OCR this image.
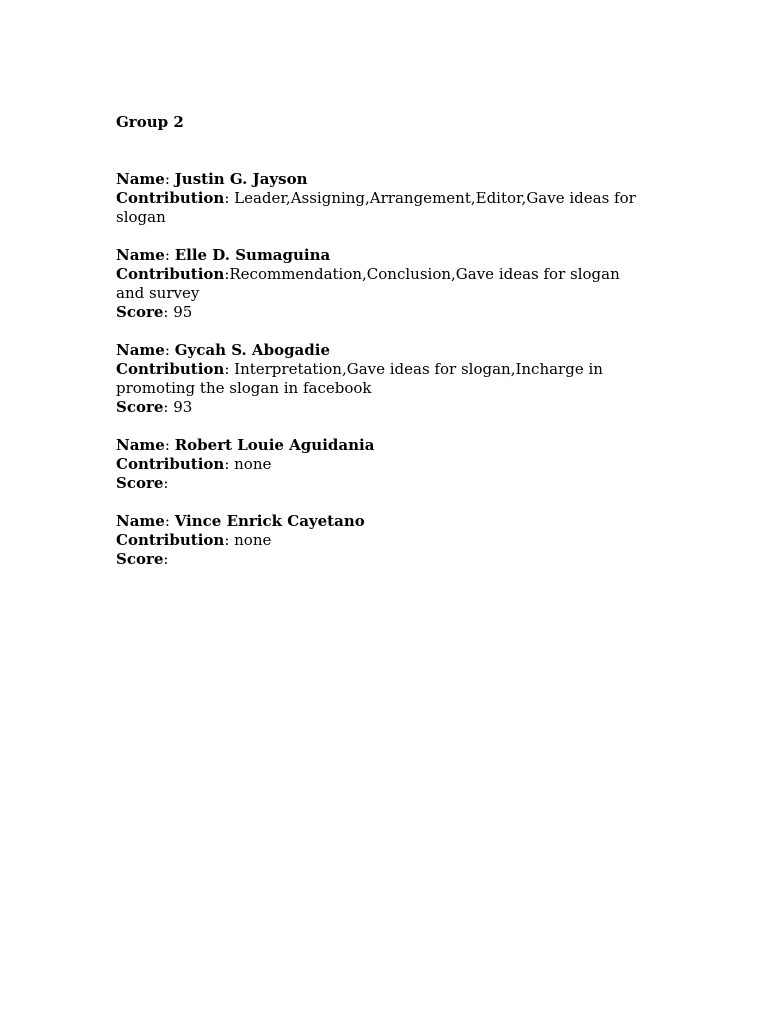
Group 2

Name: Justin G. Jayson

Contribution: Leader,Assigning,Arrangement,Editor,Gave ideas for slogan

Name: Elle D. Sumaguina

Contribution:Recommendation,Conclusion,Gave ideas for slogan and survey

Score: 95

Name: Gycah S. Abogadie

Contribution: Interpretation,Gave ideas for slogan,Incharge in promoting the slogan in facebook

Score: 93

Name: Robert Louie Aguidania

Contribution: none

Score:

Name: Vince Enrick Cayetano

Contribution: none

Score:
